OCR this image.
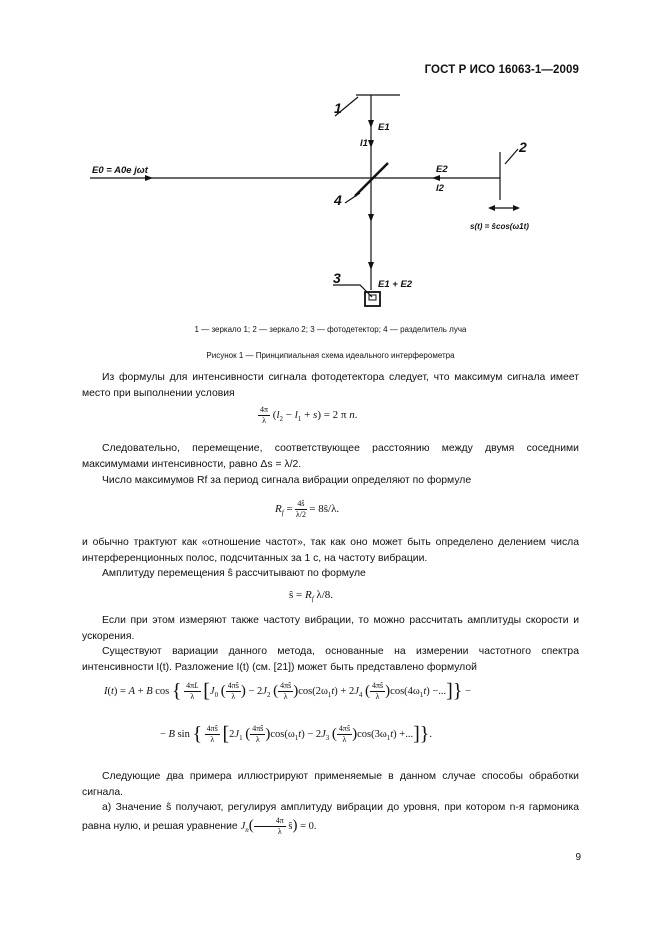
ГОСТ Р ИСО 16063-1—2009
E0 = A0e jωt
E1
l1
E2
l2
E1 + E2
s(t) = ŝcos(ω1t)
1
2
3
4
1 — зеркало 1; 2 — зеркало 2; 3 — фотодетектор; 4 — разделитель луча
Рисунок 1 — Принципиальная схема идеального интерферометра
Из формулы для интенсивности сигнала фотодетектора следует, что максимум сигнала имеет место при выполнении условия
$\frac{4\pi}{\lambda} (l_2 - l_1 + s) = 2$ π n.
Следовательно, перемещение, соответствующее расстоянию между двумя соседними максимумами интенсивности, равно Δs = λ/2.
Число максимумов Rf за период сигнала вибрации определяют по формуле
$R_f = \frac{4ŝ}{\lambda/2}$ = 8ŝ/λ.
и обычно трактуют как «отношение частот», так как оно может быть определено делением числа интерференционных полос, подсчитанных за 1 с, на частоту вибрации.
Амплитуду перемещения ŝ рассчитывают по формуле
ŝ = $R_f$ λ/8.
Если при этом измеряют также частоту вибрации, то можно рассчитать амплитуды скорости и ускорения.
Существуют вариации данного метода, основанные на измерении частотного спектра интенсивности I(t). Разложение I(t) (см. [21]) может быть представлено формулой
I(t) = A + B cos { $\frac{4\pi L}{\lambda} [J_0$ ( $\frac{4\pi ŝ}{\lambda}$ ) − $2J_2$ ( $\frac{4\pi ŝ}{\lambda} )\cos(2\omega_1t) + 2J_4$ ( $\frac{4\pi ŝ}{\lambda} )\cos(4\omega_1t)$ −...]} −
− B sin { $\frac{4\pi ŝ}{\lambda} [2J_1$ ( $\frac{4\pi ŝ}{\lambda} )\cos(\omega_1t) - 2J_3$ ( $\frac{4\pi ŝ}{\lambda} )\cos(3\omega_1t)$ +...]}.
Следующие два примера иллюстрируют применяемые в данном случае способы обработки сигнала.
а) Значение ŝ получают, регулируя амплитуду вибрации до уровня, при котором n-я гармоника равна нулю, и решая уравнение $J_n( \frac{4\pi}{\lambda}$ ŝ) = 0.
9
